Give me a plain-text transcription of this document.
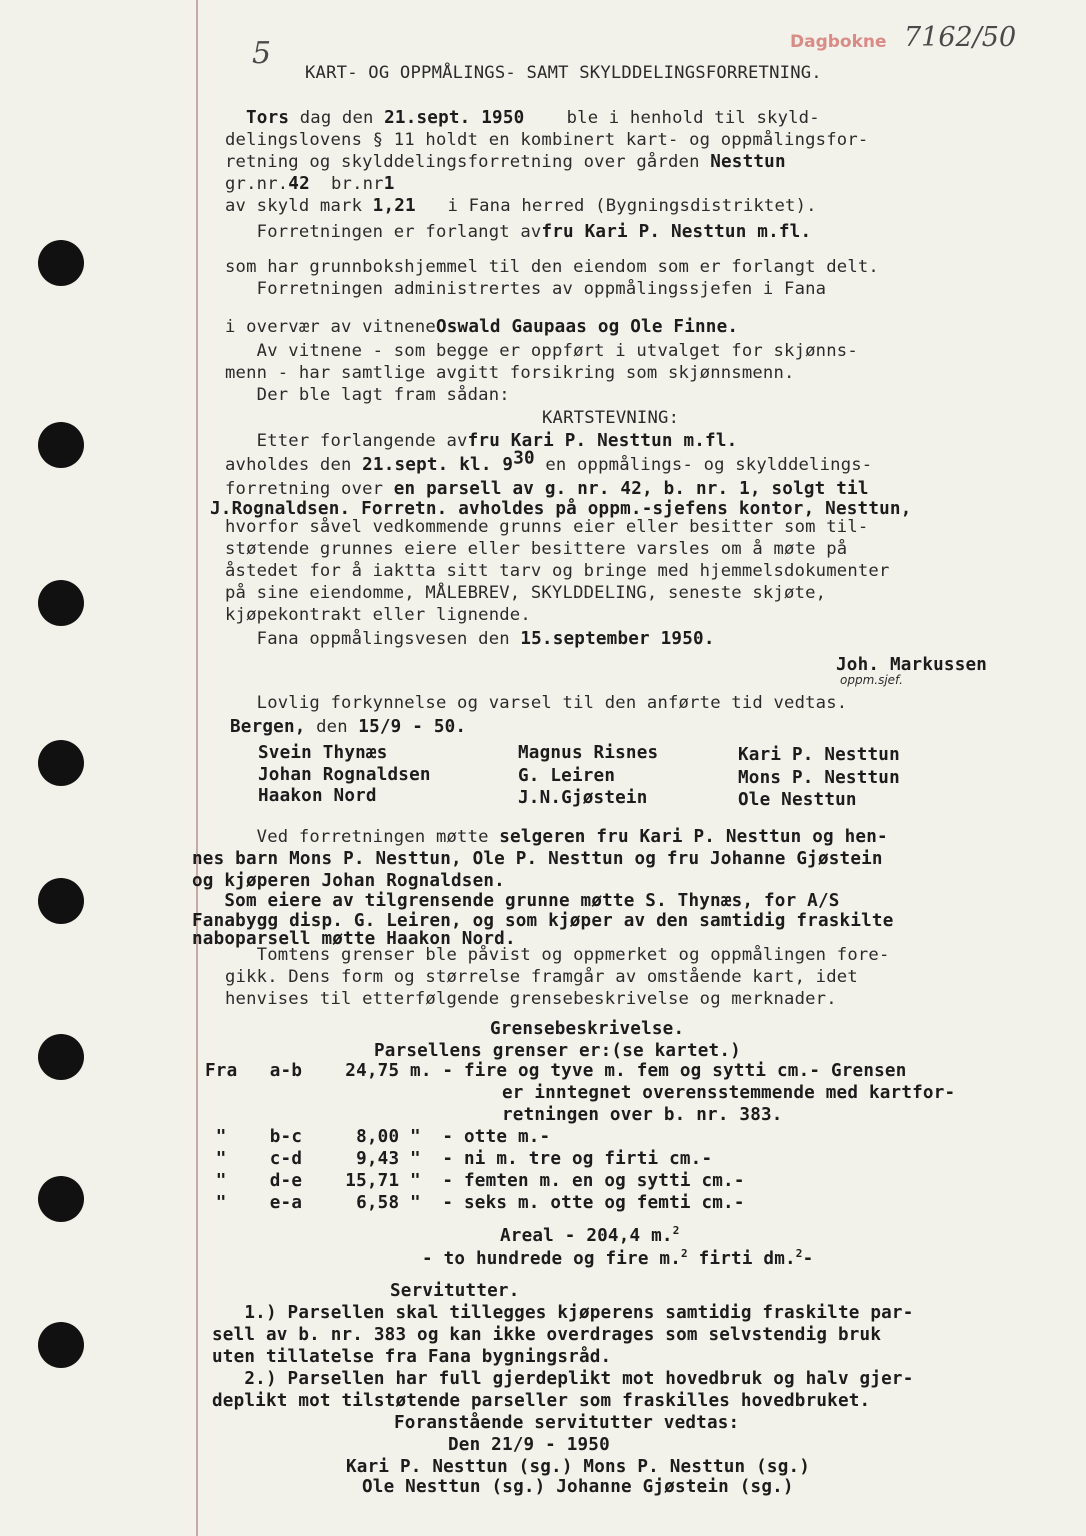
5	Dagbokne 7162/50
KART- OG OPPMÅLINGS- SAMT SKYLDDELINGSFORRETNING.
Tors dag den 21.sept. 1950    ble i henhold til skyld-
delingslovens § 11 holdt en kombinert kart- og oppmålingsfor-
retning og skylddelingsforretning over gården Nesttun
gr.nr.42  br.nr1
av skyld mark 1,21   i Fana herred (Bygningsdistriktet).
Forretningen er forlangt avfru Kari P. Nesttun m.fl.
som har grunnbokshjemmel til den eiendom som er forlangt delt.
Forretningen administrertes av oppmålingssjefen i Fana
i overvær av vitneneOswald Gaupaas og Ole Finne.
Av vitnene - som begge er oppført i utvalget for skjønns-
menn - har samtlige avgitt forsikring som skjønnsmenn.
Der ble lagt fram sådan:
KARTSTEVNING:
Etter forlangende avfru Kari P. Nesttun m.fl.
avholdes den 21.sept. kl. $9^{30}$ en oppmålings- og skylddelings-
forretning over en parsell av g. nr. 42, b. nr. 1, solgt til
J.Rognaldsen. Forretn. avholdes på oppm.-sjefens kontor, Nesttun,
hvorfor såvel vedkommende grunns eier eller besitter som til-
støtende grunnes eiere eller besittere varsles om å møte på
åstedet for å iaktta sitt tarv og bringe med hjemmelsdokumenter
på sine eiendomme, MÅLEBREV, SKYLDDELING, seneste skjøte,
kjøpekontrakt eller lignende.
Fana oppmålingsvesen den 15.september 1950.
Joh. Markussen
oppm.sjef.
Lovlig forkynnelse og varsel til den anførte tid vedtas.
Bergen, den 15/9 - 50.
Svein Thynæs	Magnus Risnes	Kari P. Nesttun
Johan Rognaldsen	G. Leiren	Mons P. Nesttun
Haakon Nord	J.N.Gjøstein	Ole Nesttun
Ved forretningen møtte selgeren fru Kari P. Nesttun og hen-
nes barn Mons P. Nesttun, Ole P. Nesttun og fru Johanne Gjøstein
og kjøperen Johan Rognaldsen.
Som eiere av tilgrensende grunne møtte S. Thynæs, for A/S
Fanabygg disp. G. Leiren, og som kjøper av den samtidig fraskilte
naboparsell møtte Haakon Nord.
Tomtens grenser ble påvist og oppmerket og oppmålingen fore-
gikk. Dens form og størrelse framgår av omstående kart, idet
henvises til etterfølgende grensebeskrivelse og merknader.
Grensebeskrivelse.
Parsellens grenser er:(se kartet.)
Fra   a-b    24,75 m. - fire og tyve m. fem og sytti cm.- Grensen
er inntegnet overensstemmende med kartfor-
retningen over b. nr. 383.
"    b-c     8,00 "  - otte m.-
"    c-d     9,43 "  - ni m. tre og firti cm.-
"    d-e    15,71 "  - femten m. en og sytti cm.-
"    e-a     6,58 "  - seks m. otte og femti cm.-
Areal - 204,4 m.$^2$
- to hundrede og fire m.$^2$ firti dm.$^2$-
Servitutter.
1.) Parsellen skal tillegges kjøperens samtidig fraskilte par-
sell av b. nr. 383 og kan ikke overdrages som selvstendig bruk
uten tillatelse fra Fana bygningsråd.
2.) Parsellen har full gjerdeplikt mot hovedbruk og halv gjer-
deplikt mot tilstøtende parseller som fraskilles hovedbruket.
Foranstående servitutter vedtas:
Den 21/9 - 1950
Kari P. Nesttun (sg.) Mons P. Nesttun (sg.)
Ole Nesttun (sg.) Johanne Gjøstein (sg.)
